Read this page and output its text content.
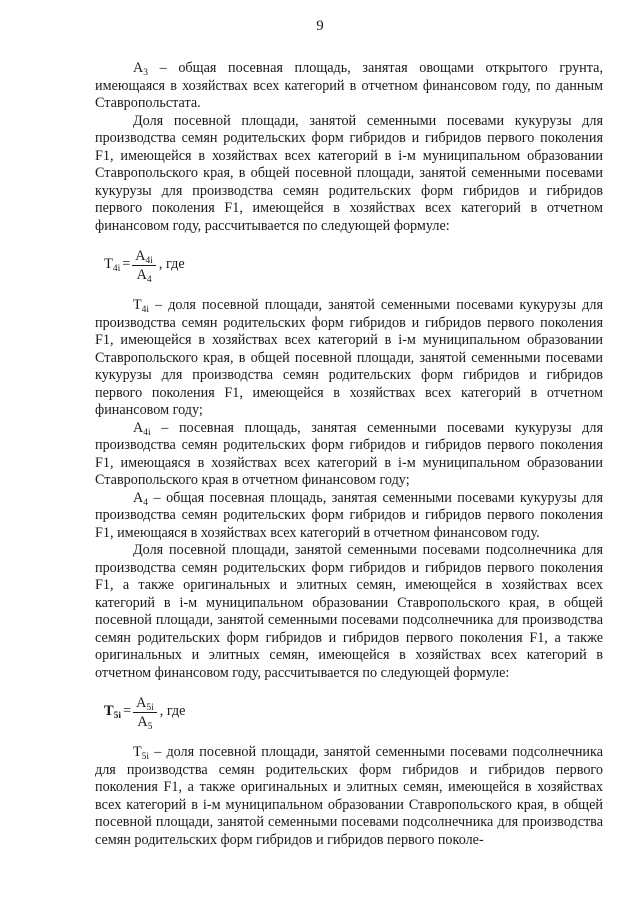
9

$A_3$ – общая посевная площадь, занятая овощами открытого грунта, имеющаяся в хозяйствах всех категорий в отчетном финансовом году, по данным Ставропольстата.

Доля посевной площади, занятой семенными посевами кукурузы для производства семян родительских форм гибридов и гибридов первого поколения F1, имеющейся в хозяйствах всех категорий в i-м муниципальном образовании Ставропольского края, в общей посевной площади, занятой семенными посевами кукурузы для производства семян родительских форм гибридов и гибридов первого поколения F1, имеющейся в хозяйствах всех категорий в отчетном финансовом году, рассчитывается по следующей формуле:

$T_{4i} = \frac{A_{4i}}{A_4}$ , где

$T_{4i}$ – доля посевной площади, занятой семенными посевами кукурузы для производства семян родительских форм гибридов и гибридов первого поколения F1, имеющейся в хозяйствах всех категорий в i-м муниципальном образовании Ставропольского края, в общей посевной площади, занятой семенными посевами кукурузы для производства семян родительских форм гибридов и гибридов первого поколения F1, имеющейся в хозяйствах всех категорий в отчетном финансовом году;

$A_{4i}$ – посевная площадь, занятая семенными посевами кукурузы для производства семян родительских форм гибридов и гибридов первого поколения F1, имеющаяся в хозяйствах всех категорий в i-м муниципальном образовании Ставропольского края в отчетном финансовом году;

$A_4$ – общая посевная площадь, занятая семенными посевами кукурузы для производства семян родительских форм гибридов и гибридов первого поколения F1, имеющаяся в хозяйствах всех категорий в отчетном финансовом году.

Доля посевной площади, занятой семенными посевами подсолнечника для производства семян родительских форм гибридов и гибридов первого поколения F1, а также оригинальных и элитных семян, имеющейся в хозяйствах всех категорий в i-м муниципальном образовании Ставропольского края, в общей посевной площади, занятой семенными посевами подсолнечника для производства семян родительских форм гибридов и гибридов первого поколения F1, а также оригинальных и элитных семян, имеющейся в хозяйствах всех категорий в отчетном финансовом году, рассчитывается по следующей формуле:

$T_{5i} = \frac{A_{5i}}{A_5}$ , где

$T_{5i}$ – доля посевной площади, занятой семенными посевами подсолнечника для производства семян родительских форм гибридов и гибридов первого поколения F1, а также оригинальных и элитных семян, имеющейся в хозяйствах всех категорий в i-м муниципальном образовании Ставропольского края, в общей посевной площади, занятой семенными посевами подсолнечника для производства семян родительских форм гибридов и гибридов первого поколе-
